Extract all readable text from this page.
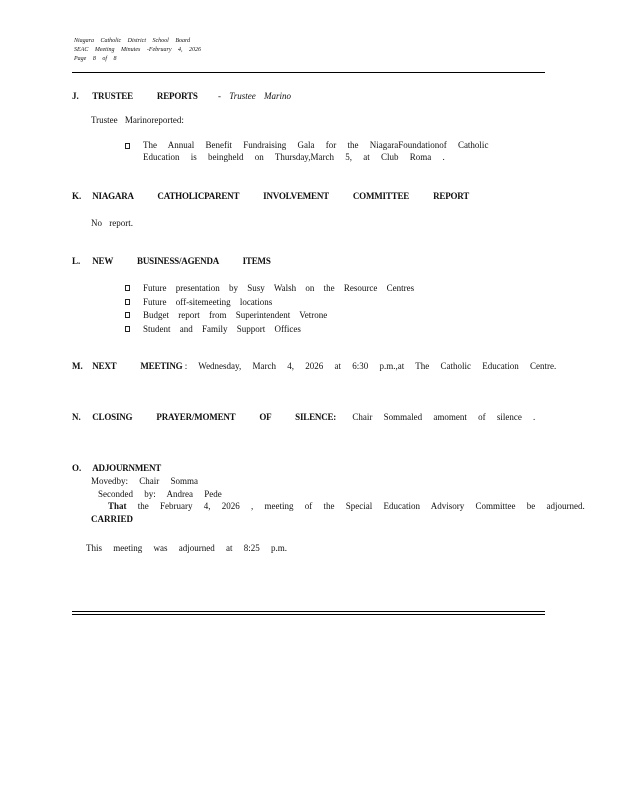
Niagara Catholic District School Board
SEAC Meeting Minutes -February 4, 2026
Page 8 of 8
J. TRUSTEE REPORTS - Trustee Marino
Trustee Marinoreported:
The Annual Benefit Fundraising Gala for the NiagaraFoundationof Catholic Education is beingheld on Thursday,March 5, at Club Roma .
K. NIAGARA CATHOLICPARENT INVOLVEMENT COMMITTEE REPORT
No report.
L. NEW BUSINESS/AGENDA ITEMS
Future presentation by Susy Walsh on the Resource Centres
Future off-sitemeeting locations
Budget report from Superintendent Vetrone
Student and Family Support Offices
M. NEXT MEETING : Wednesday, March 4, 2026 at 6:30 p.m.,at The Catholic Education Centre.
N. CLOSING PRAYER/MOMENT OF SILENCE: Chair Sommaled amoment of silence .
O. ADJOURNMENT
Movedby: Chair Somma
Seconded by: Andrea Pede
That the February 4, 2026 , meeting of the Special Education Advisory Committee be adjourned.
CARRIED
This meeting was adjourned at 8:25 p.m.
